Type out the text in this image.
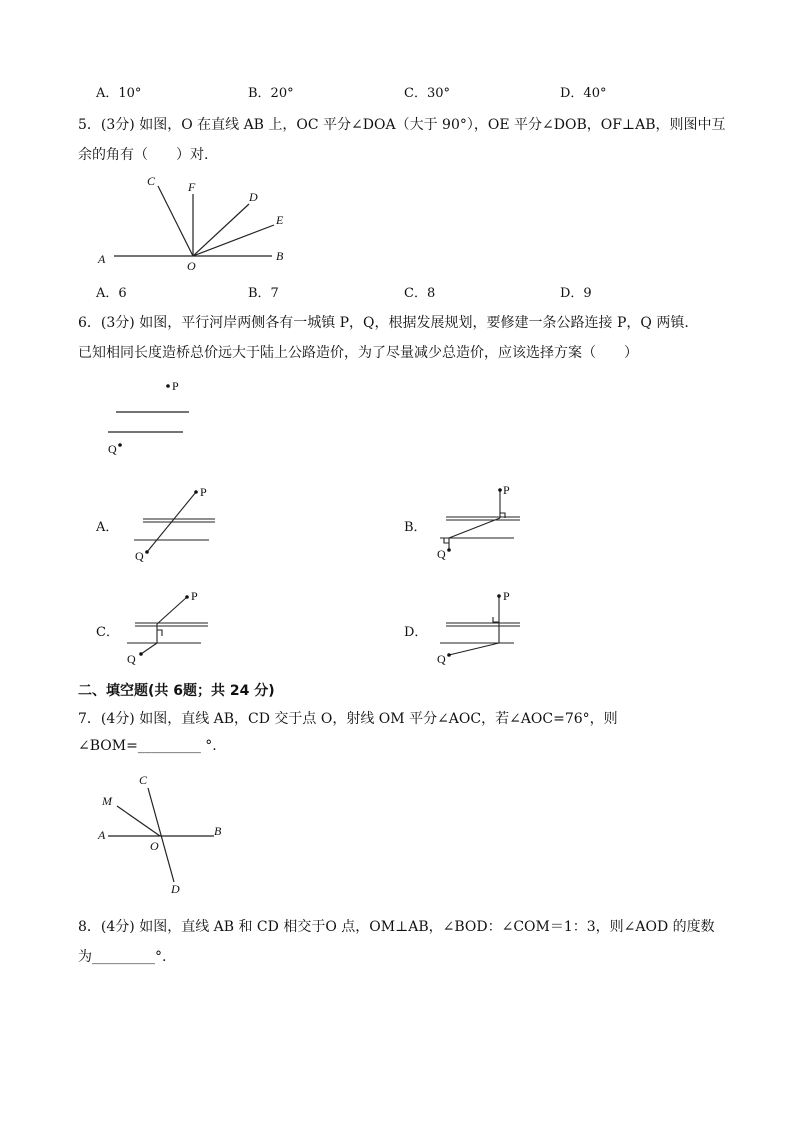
A．10°	B．20°	C．30°	D．40°
5．(3分) 如图，O 在直线 AB 上，OC 平分∠DOA（大于 90°），OE 平分∠DOB，OF⊥AB，则图中互
余的角有（　　）对.
C	F
D
E
A	O
B
A．6	B．7	C．8	D．9
6．(3分) 如图，平行河岸两侧各有一城镇 P，Q，根据发展规划，要修建一条公路连接 P，Q 两镇.
已知相同长度造桥总价远大于陆上公路造价，为了尽量减少总造价，应该选择方案（　　）
P
Q
P
Q
P
Q
P
Q
P
Q
A．	B．
C．	D．
二、填空题(共 6题；共 24 分)
7．(4分) 如图，直线 AB，CD 交于点 O，射线 OM 平分∠AOC，若∠AOC=76°，则
∠BOM=_________ °.
C
M
A
O
B
D
8．(4分) 如图，直线 AB 和 CD 相交于O 点，OM⊥AB，∠BOD：∠COM＝1：3，则∠AOD 的度数
为_________°.
